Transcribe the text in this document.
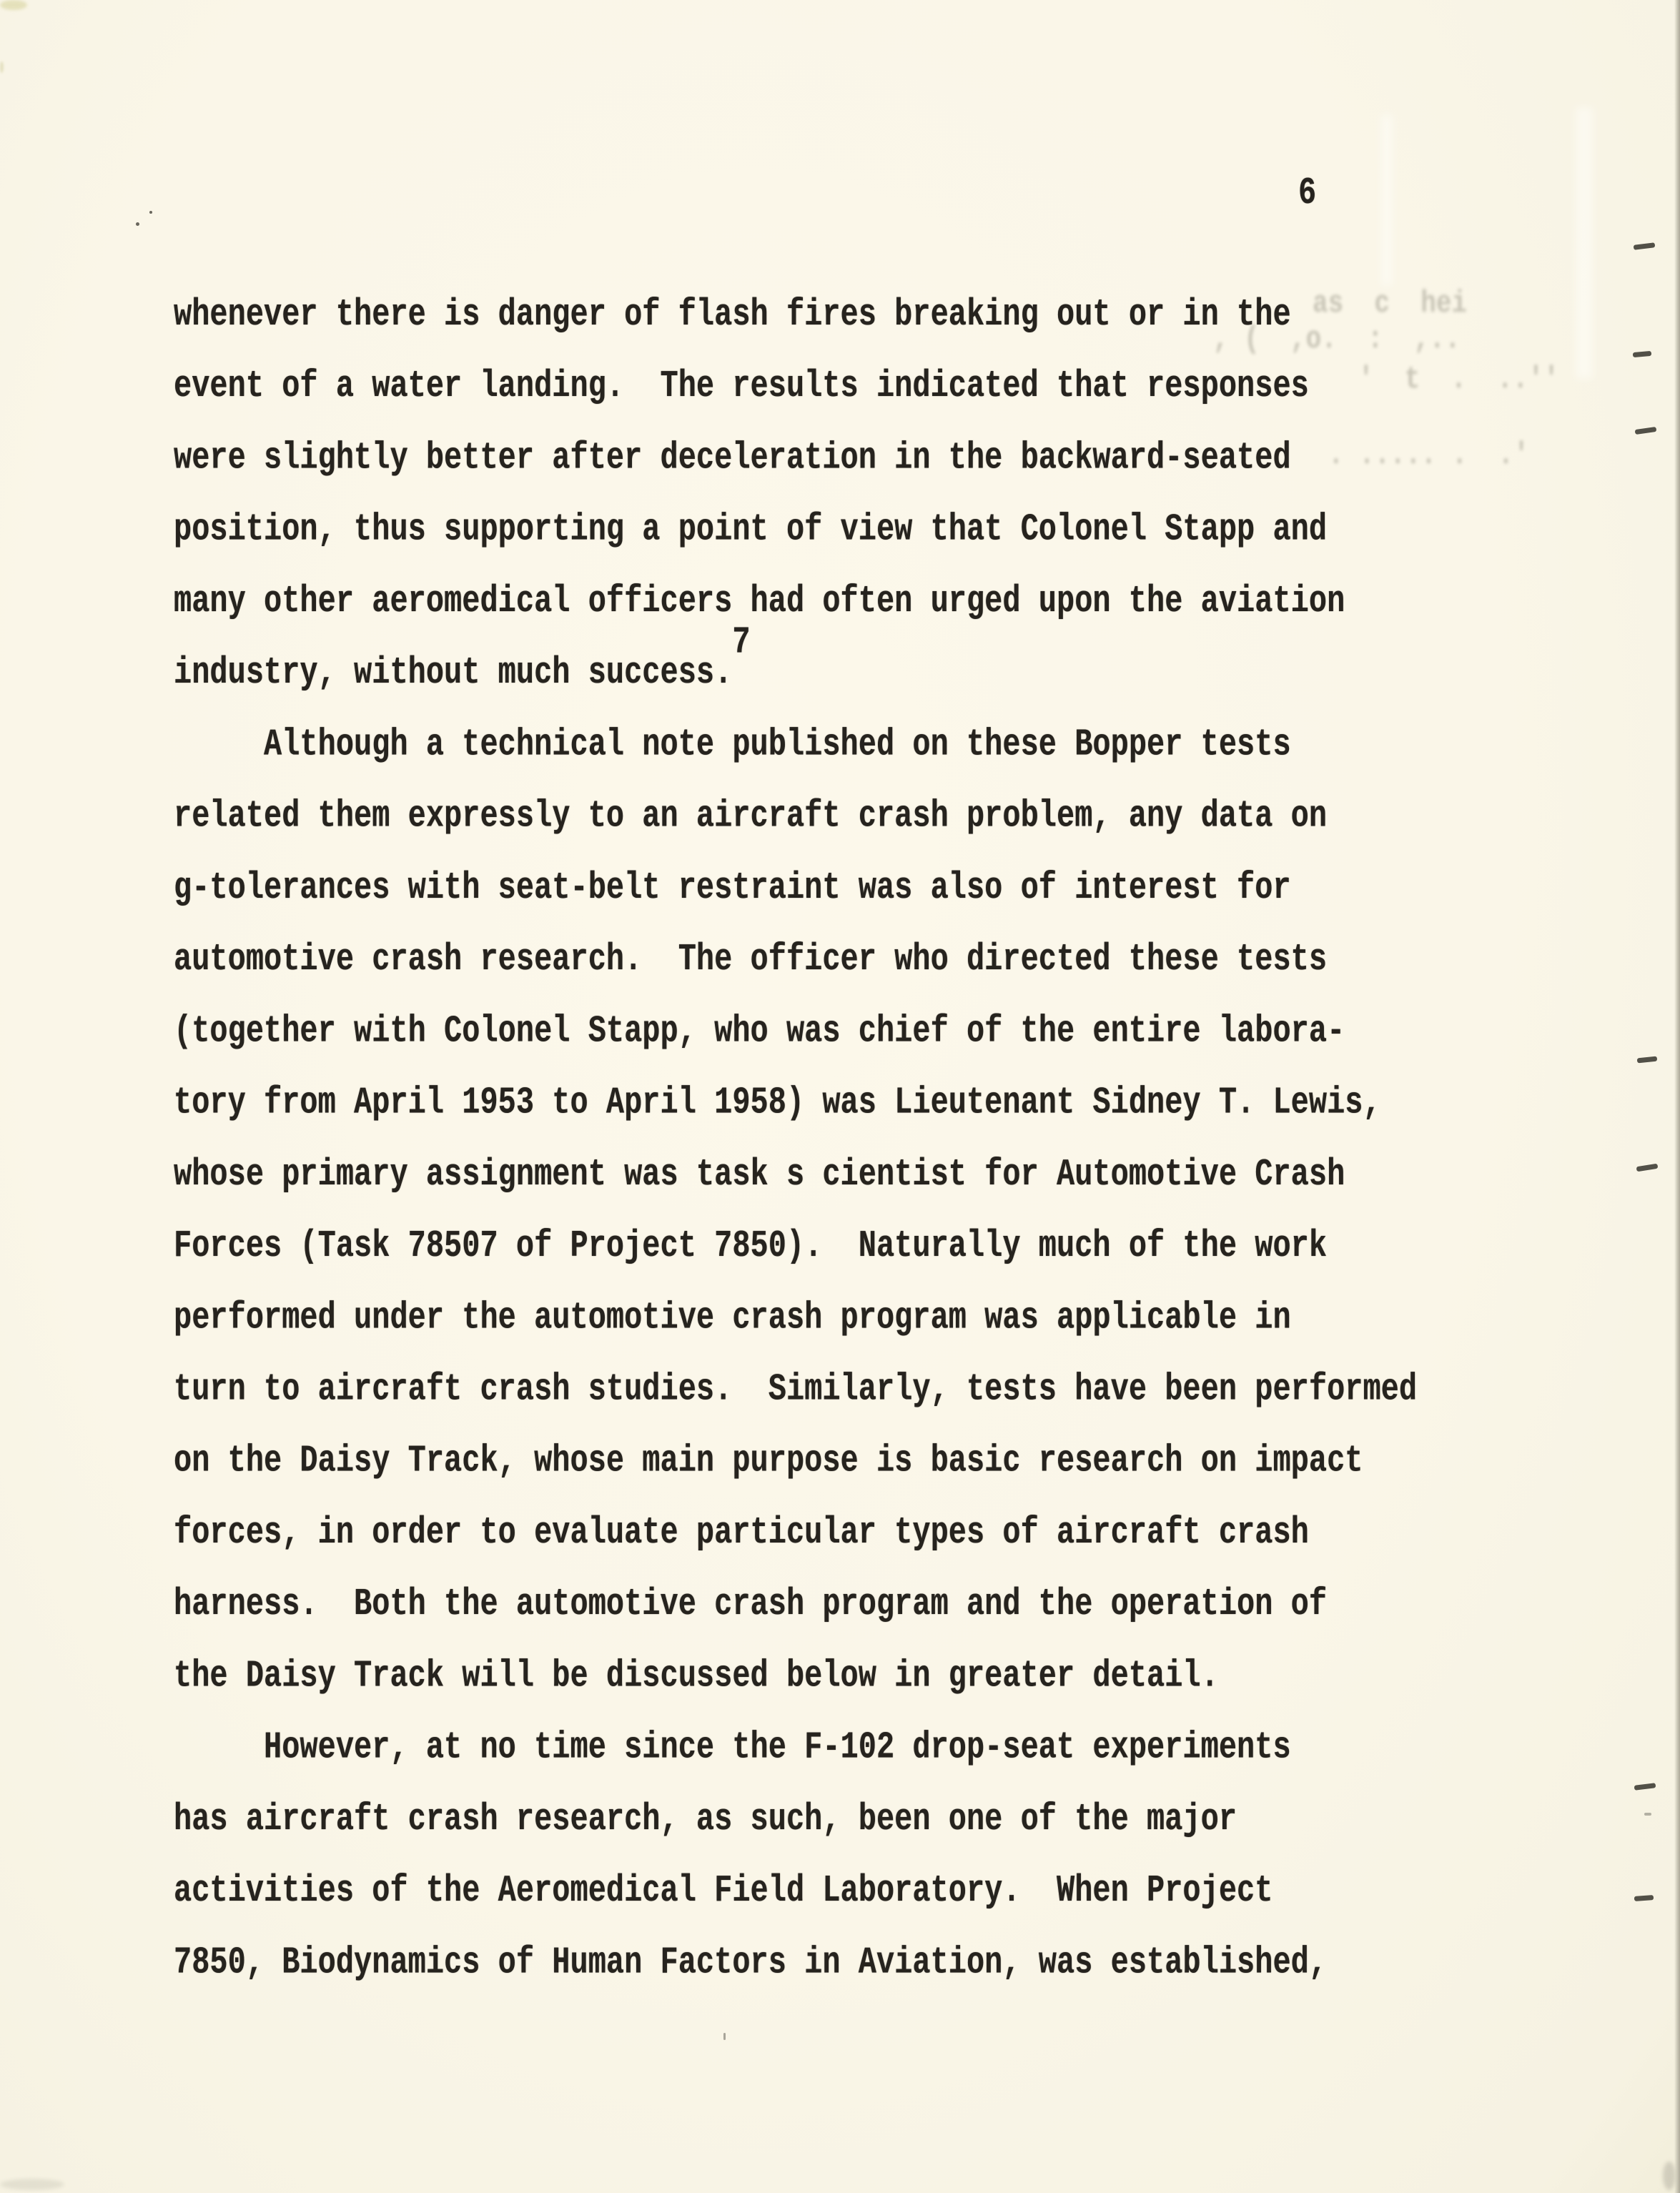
6
whenever there is danger of flash fires breaking out or in the
event of a water landing.  The results indicated that responses
were slightly better after deceleration in the backward-seated
position, thus supporting a point of view that Colonel Stapp and
many other aeromedical officers had often urged upon the aviation
industry, without much success.7
Although a technical note published on these Bopper tests
related them expressly to an aircraft crash problem, any data on
g-tolerances with seat-belt restraint was also of interest for
automotive crash research.  The officer who directed these tests
(together with Colonel Stapp, who was chief of the entire labora-
tory from April 1953 to April 1958) was Lieutenant Sidney T. Lewis,
whose primary assignment was task s cientist for Automotive Crash
Forces (Task 78507 of Project 7850).  Naturally much of the work
performed under the automotive crash program was applicable in
turn to aircraft crash studies.  Similarly, tests have been performed
on the Daisy Track, whose main purpose is basic research on impact
forces, in order to evaluate particular types of aircraft crash
harness.  Both the automotive crash program and the operation of
the Daisy Track will be discussed below in greater detail.
However, at no time since the F-102 drop-seat experiments
has aircraft crash research, as such, been one of the major
activities of the Aeromedical Field Laboratory.  When Project
7850, Biodynamics of Human Factors in Aviation, was established,
as  c  hei
, (  ,o.  :  ,..
'  t  .  ..''
. ..... .  .'
